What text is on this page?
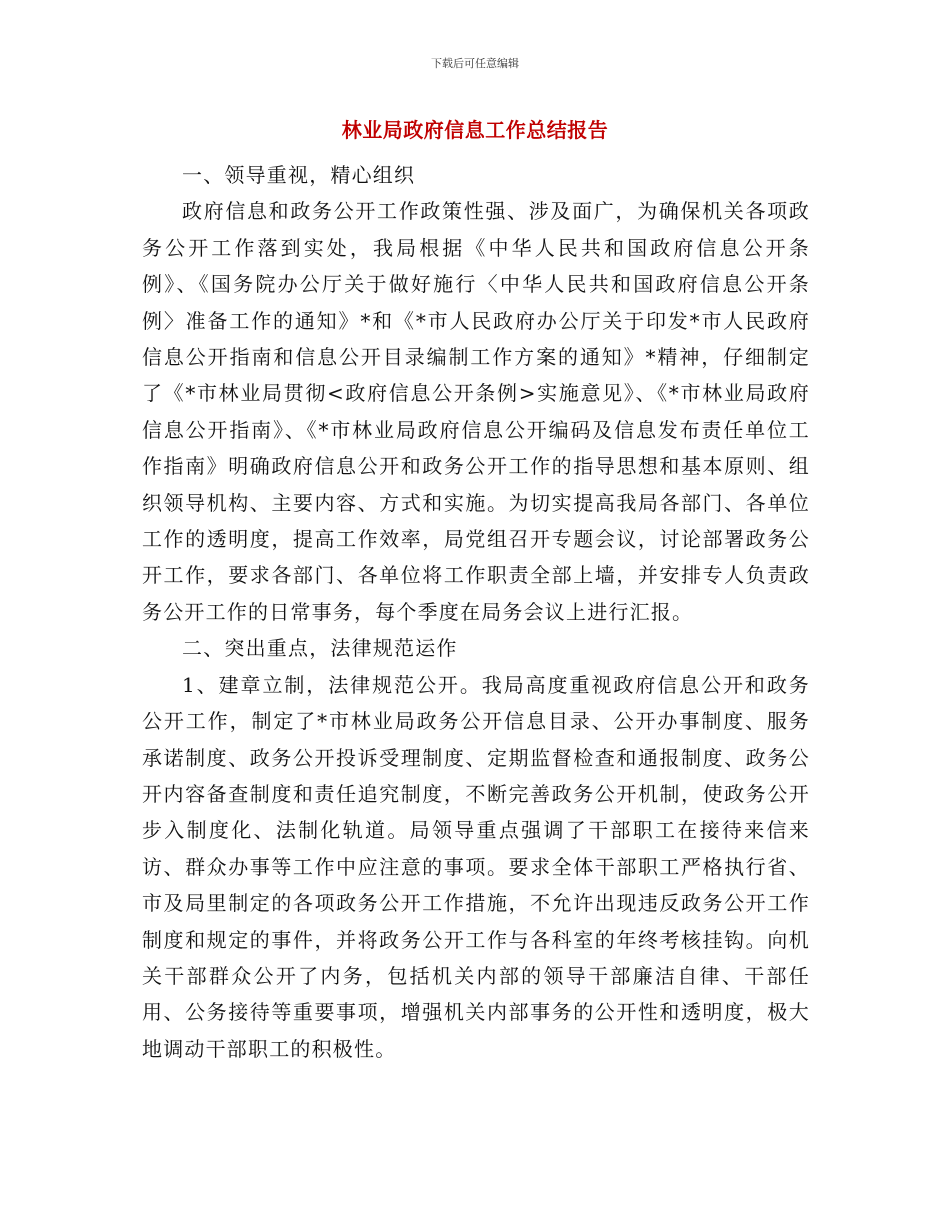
下载后可任意编辑
林业局政府信息工作总结报告

一、领导重视，精心组织

政府信息和政务公开工作政策性强、涉及面广，为确保机关各项政务公开工作落到实处，我局根据《中华人民共和国政府信息公开条例》、《国务院办公厅关于做好施行〈中华人民共和国政府信息公开条例〉准备工作的通知》*和《*市人民政府办公厅关于印发*市人民政府信息公开指南和信息公开目录编制工作方案的通知》*精神，仔细制定了《*市林业局贯彻<政府信息公开条例>实施意见》、《*市林业局政府信息公开指南》、《*市林业局政府信息公开编码及信息发布责任单位工作指南》明确政府信息公开和政务公开工作的指导思想和基本原则、组织领导机构、主要内容、方式和实施。为切实提高我局各部门、各单位工作的透明度，提高工作效率，局党组召开专题会议，讨论部署政务公开工作，要求各部门、各单位将工作职责全部上墙，并安排专人负责政务公开工作的日常事务，每个季度在局务会议上进行汇报。

二、突出重点，法律规范运作

1、建章立制，法律规范公开。我局高度重视政府信息公开和政务公开工作，制定了*市林业局政务公开信息目录、公开办事制度、服务承诺制度、政务公开投诉受理制度、定期监督检查和通报制度、政务公开内容备查制度和责任追究制度，不断完善政务公开机制，使政务公开步入制度化、法制化轨道。局领导重点强调了干部职工在接待来信来访、群众办事等工作中应注意的事项。要求全体干部职工严格执行省、市及局里制定的各项政务公开工作措施，不允许出现违反政务公开工作制度和规定的事件，并将政务公开工作与各科室的年终考核挂钩。向机关干部群众公开了内务，包括机关内部的领导干部廉洁自律、干部任用、公务接待等重要事项，增强机关内部事务的公开性和透明度，极大地调动干部职工的积极性。
